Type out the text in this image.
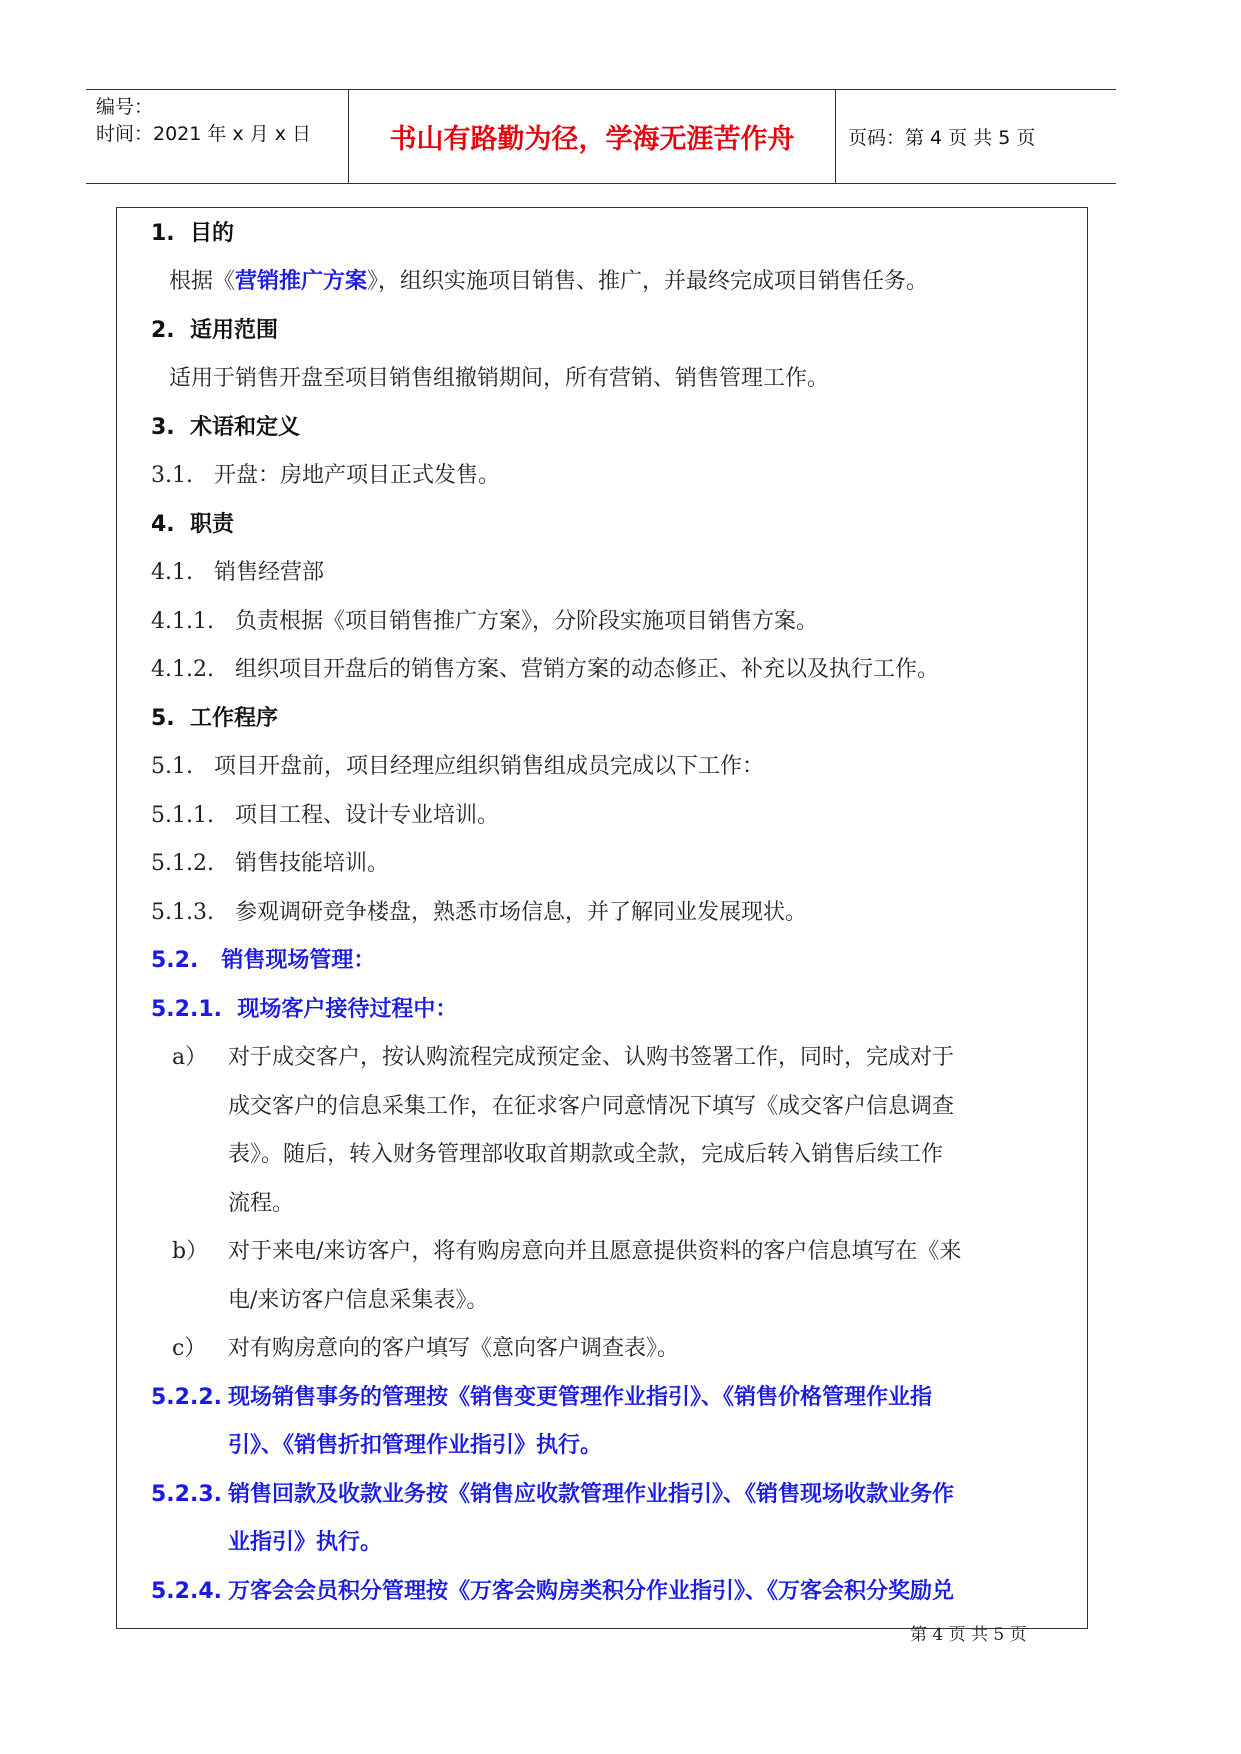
编号：
时间：2021 年 x 月 x 日	书山有路勤为径，学海无涯苦作舟	页码：第 4 页 共 5 页
1. 目的
根据《营销推广方案》，组织实施项目销售、推广，并最终完成项目销售任务。
2. 适用范围
适用于销售开盘至项目销售组撤销期间，所有营销、销售管理工作。
3. 术语和定义
3.1. 开盘：房地产项目正式发售。
4. 职责
4.1. 销售经营部
4.1.1. 负责根据《项目销售推广方案》，分阶段实施项目销售方案。
4.1.2. 组织项目开盘后的销售方案、营销方案的动态修正、补充以及执行工作。
5. 工作程序
5.1. 项目开盘前，项目经理应组织销售组成员完成以下工作：
5.1.1. 项目工程、设计专业培训。
5.1.2. 销售技能培训。
5.1.3. 参观调研竞争楼盘，熟悉市场信息，并了解同业发展现状。
5.2. 销售现场管理：
5.2.1. 现场客户接待过程中：
a） 对于成交客户，按认购流程完成预定金、认购书签署工作，同时，完成对于
成交客户的信息采集工作，在征求客户同意情况下填写《成交客户信息调查
表》。随后，转入财务管理部收取首期款或全款，完成后转入销售后续工作
流程。
b） 对于来电/来访客户，将有购房意向并且愿意提供资料的客户信息填写在《来
电/来访客户信息采集表》。
c） 对有购房意向的客户填写《意向客户调查表》。
5.2.2. 现场销售事务的管理按《销售变更管理作业指引》、《销售价格管理作业指
引》、《销售折扣管理作业指引》执行。
5.2.3. 销售回款及收款业务按《销售应收款管理作业指引》、《销售现场收款业务作
业指引》执行。
5.2.4. 万客会会员积分管理按《万客会购房类积分作业指引》、《万客会积分奖励兑
第 4 页 共 5 页
